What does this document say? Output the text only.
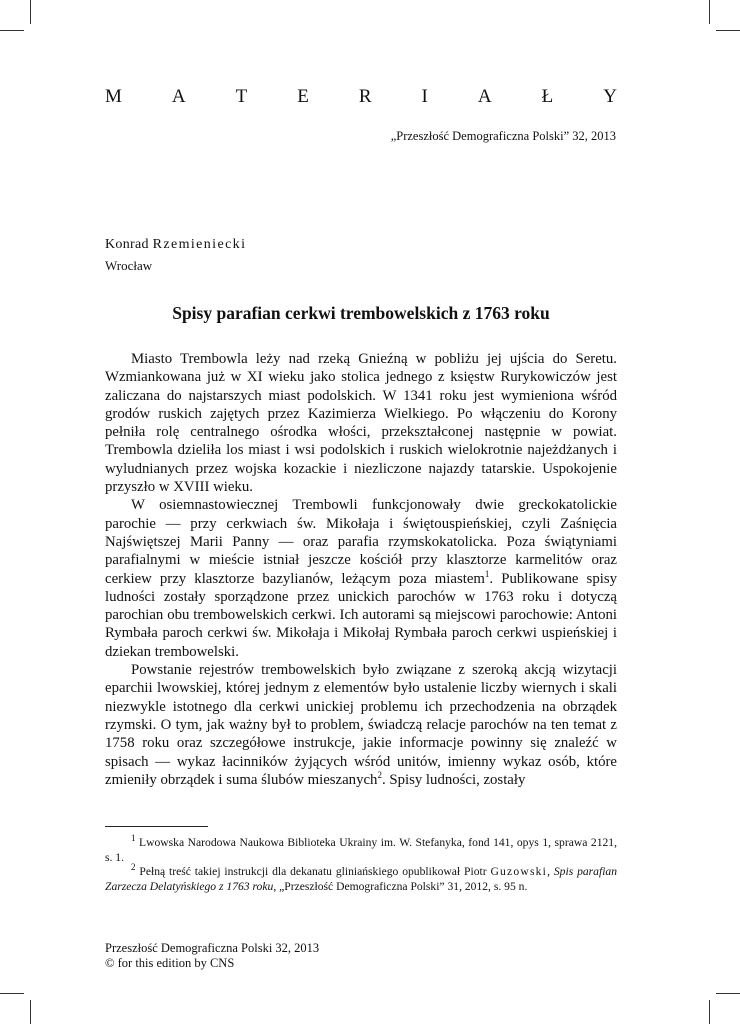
M	A	T	E	R	I	A	Ł	Y
„Przeszłość Demograficzna Polski” 32, 2013
Konrad Rzemieniecki
Wrocław
Spisy parafian cerkwi trembowelskich z 1763 roku

Miasto Trembowla leży nad rzeką Gnieźną w pobliżu jej ujścia do Seretu. Wzmiankowana już w XI wieku jako stolica jednego z księstw Rurykowiczów jest zaliczana do najstarszych miast podolskich. W 1341 roku jest wymieniona wśród grodów ruskich zajętych przez Kazimierza Wielkiego. Po włączeniu do Korony pełniła rolę centralnego ośrodka włości, przekształconej następnie w powiat. Trembowla dzieliła los miast i wsi podolskich i ruskich wielokrotnie najeżdżanych i wyludnianych przez wojska kozackie i niezliczone najazdy tatarskie. Uspokojenie przyszło w XVIII wieku.

W osiemnastowiecznej Trembowli funkcjonowały dwie greckokatolickie parochie — przy cerkwiach św. Mikołaja i świętouspieńskiej, czyli Zaśnięcia Najświętszej Marii Panny — oraz parafia rzymskokatolicka. Poza świątyniami parafialnymi w mieście istniał jeszcze kościół przy klasztorze karmelitów oraz cerkiew przy klasztorze bazylianów, leżącym poza miastem$^1$. Publikowane spisy ludności zostały sporządzone przez unickich parochów w 1763 roku i dotyczą parochian obu trembowelskich cerkwi. Ich autorami są miejscowi parochowie: Antoni Rymbała paroch cerkwi św. Mikołaja i Mikołaj Rymbała paroch cerkwi uspieńskiej i dziekan trembowelski.

Powstanie rejestrów trembowelskich było związane z szeroką akcją wizytacji eparchii lwowskiej, której jednym z elementów było ustalenie liczby wiernych i skali niezwykle istotnego dla cerkwi unickiej problemu ich przechodzenia na obrządek rzymski. O tym, jak ważny był to problem, świadczą relacje parochów na ten temat z 1758 roku oraz szczegółowe instrukcje, jakie informacje powinny się znaleźć w spisach — wykaz łacinników żyjących wśród unitów, imienny wykaz osób, które zmieniły obrządek i suma ślubów mieszanych$^2$. Spisy ludności, zostały

$^1$ Lwowska Narodowa Naukowa Biblioteka Ukrainy im. W. Stefanyka, fond 141, opys 1, sprawa 2121, s. 1.

$^2$ Pełną treść takiej instrukcji dla dekanatu gliniańskiego opublikował Piotr Guzowski, Spis parafian Zarzecza Delatyńskiego z 1763 roku, „Przeszłość Demograficzna Polski” 31, 2012, s. 95 n.

Przeszłość Demograficzna Polski 32, 2013
© for this edition by CNS
